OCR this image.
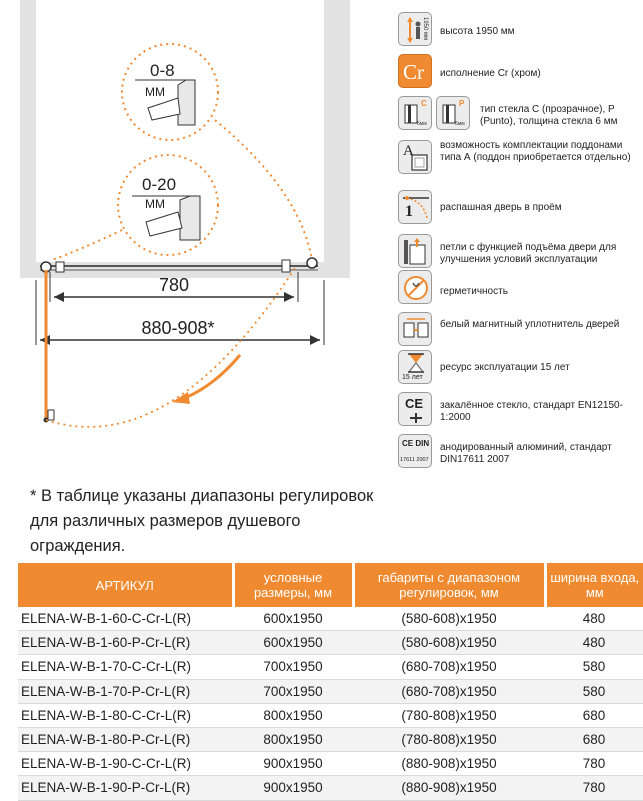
0-8
ММ
0-20
ММ
780
880-908*
1950 мм высота 1950 мм
Cr исполнение Cr (хром)
C
6мм
P
6мм
тип стекла C (прозрачное), P (Punto), толщина стекла 6 мм
A	возможность комплектации поддонами типа А (поддон приобретается отдельно)
1	распашная дверь в проём
петли с функцией подъёма двери для улучшения условий эксплуатации
герметичность
белый магнитный уплотнитель дверей
15 лет
ресурс эксплуатации 15 лет
CE закалённое стекло, стандарт EN12150-1:2000
CE DIN
17611 2007
анодированный алюминий, стандарт DIN17611 2007

* В таблице указаны диапазоны регулировок

для различных размеров душевого

ограждения.

АРТИКУЛ	условные размеры, мм	габариты с диапазоном регулировок, мм	ширина входа, мм
ELENA-W-B-1-60-C-Cr-L(R)	600x1950	(580-608)x1950	480
ELENA-W-B-1-60-P-Cr-L(R)	600x1950	(580-608)x1950	480
ELENA-W-B-1-70-C-Cr-L(R)	700x1950	(680-708)x1950	580
ELENA-W-B-1-70-P-Cr-L(R)	700x1950	(680-708)x1950	580
ELENA-W-B-1-80-C-Cr-L(R)	800x1950	(780-808)x1950	680
ELENA-W-B-1-80-P-Cr-L(R)	800x1950	(780-808)x1950	680
ELENA-W-B-1-90-C-Cr-L(R)	900x1950	(880-908)x1950	780
ELENA-W-B-1-90-P-Cr-L(R)	900x1950	(880-908)x1950	780
